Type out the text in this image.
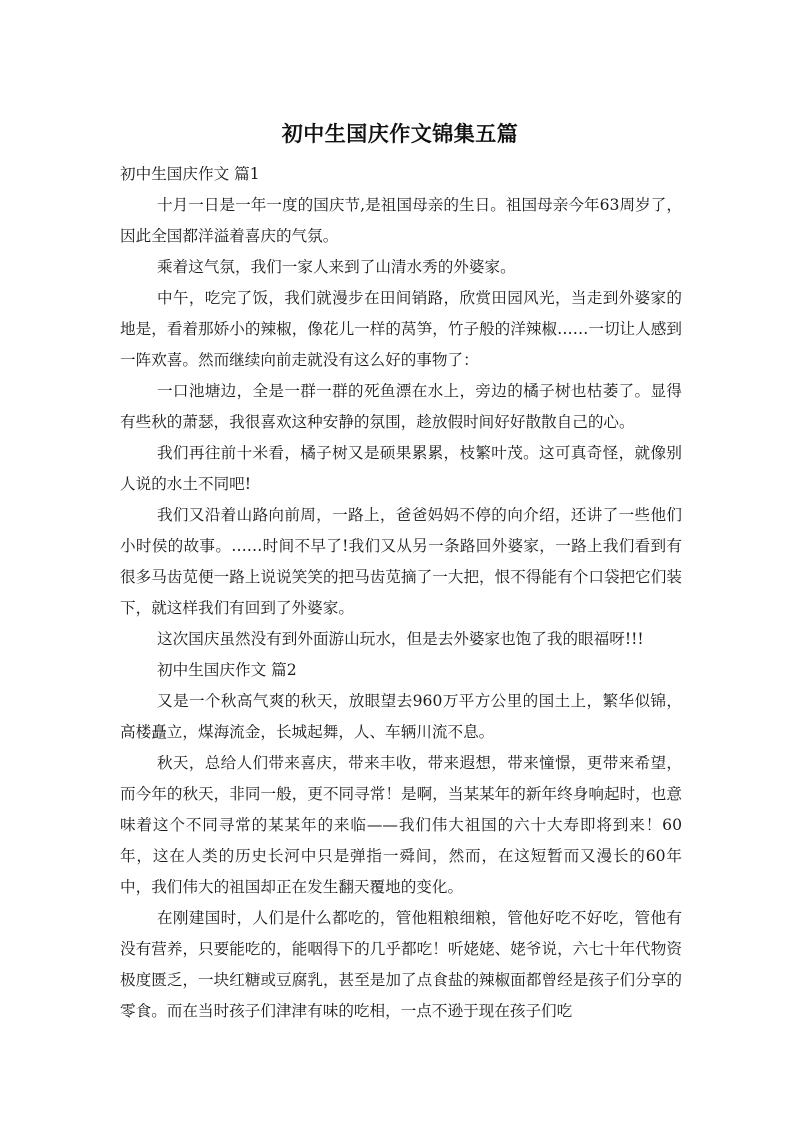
初中生国庆作文锦集五篇

初中生国庆作文 篇1

十月一日是一年一度的国庆节,是祖国母亲的生日。祖国母亲今年63周岁了，因此全国都洋溢着喜庆的气氛。

乘着这气氛，我们一家人来到了山清水秀的外婆家。

中午，吃完了饭，我们就漫步在田间销路，欣赏田园风光，当走到外婆家的地是，看着那娇小的辣椒，像花儿一样的莴笋，竹子般的洋辣椒……一切让人感到一阵欢喜。然而继续向前走就没有这么好的事物了：

一口池塘边，全是一群一群的死鱼漂在水上，旁边的橘子树也枯萎了。显得有些秋的萧瑟，我很喜欢这种安静的氛围，趁放假时间好好散散自己的心。

我们再往前十米看，橘子树又是硕果累累，枝繁叶茂。这可真奇怪，就像别人说的水土不同吧!

我们又沿着山路向前周，一路上，爸爸妈妈不停的向介绍，还讲了一些他们小时侯的故事。……时间不早了!我们又从另一条路回外婆家，一路上我们看到有很多马齿苋便一路上说说笑笑的把马齿苋摘了一大把，恨不得能有个口袋把它们装下，就这样我们有回到了外婆家。

这次国庆虽然没有到外面游山玩水，但是去外婆家也饱了我的眼福呀!!!

初中生国庆作文 篇2

又是一个秋高气爽的秋天，放眼望去960万平方公里的国土上，繁华似锦，高楼矗立，煤海流金，长城起舞，人、车辆川流不息。

秋天，总给人们带来喜庆，带来丰收，带来遐想，带来憧憬，更带来希望，而今年的秋天，非同一般，更不同寻常！是啊，当某某年的新年终身响起时，也意味着这个不同寻常的某某年的来临——我们伟大祖国的六十大寿即将到来！60年，这在人类的历史长河中只是弹指一舜间，然而，在这短暂而又漫长的60年中，我们伟大的祖国却正在发生翻天覆地的变化。

在刚建国时，人们是什么都吃的，管他粗粮细粮，管他好吃不好吃，管他有没有营养，只要能吃的，能咽得下的几乎都吃！听姥姥、姥爷说，六七十年代物资极度匮乏，一块红糖或豆腐乳，甚至是加了点食盐的辣椒面都曾经是孩子们分享的零食。而在当时孩子们津津有味的吃相，一点不逊于现在孩子们吃
